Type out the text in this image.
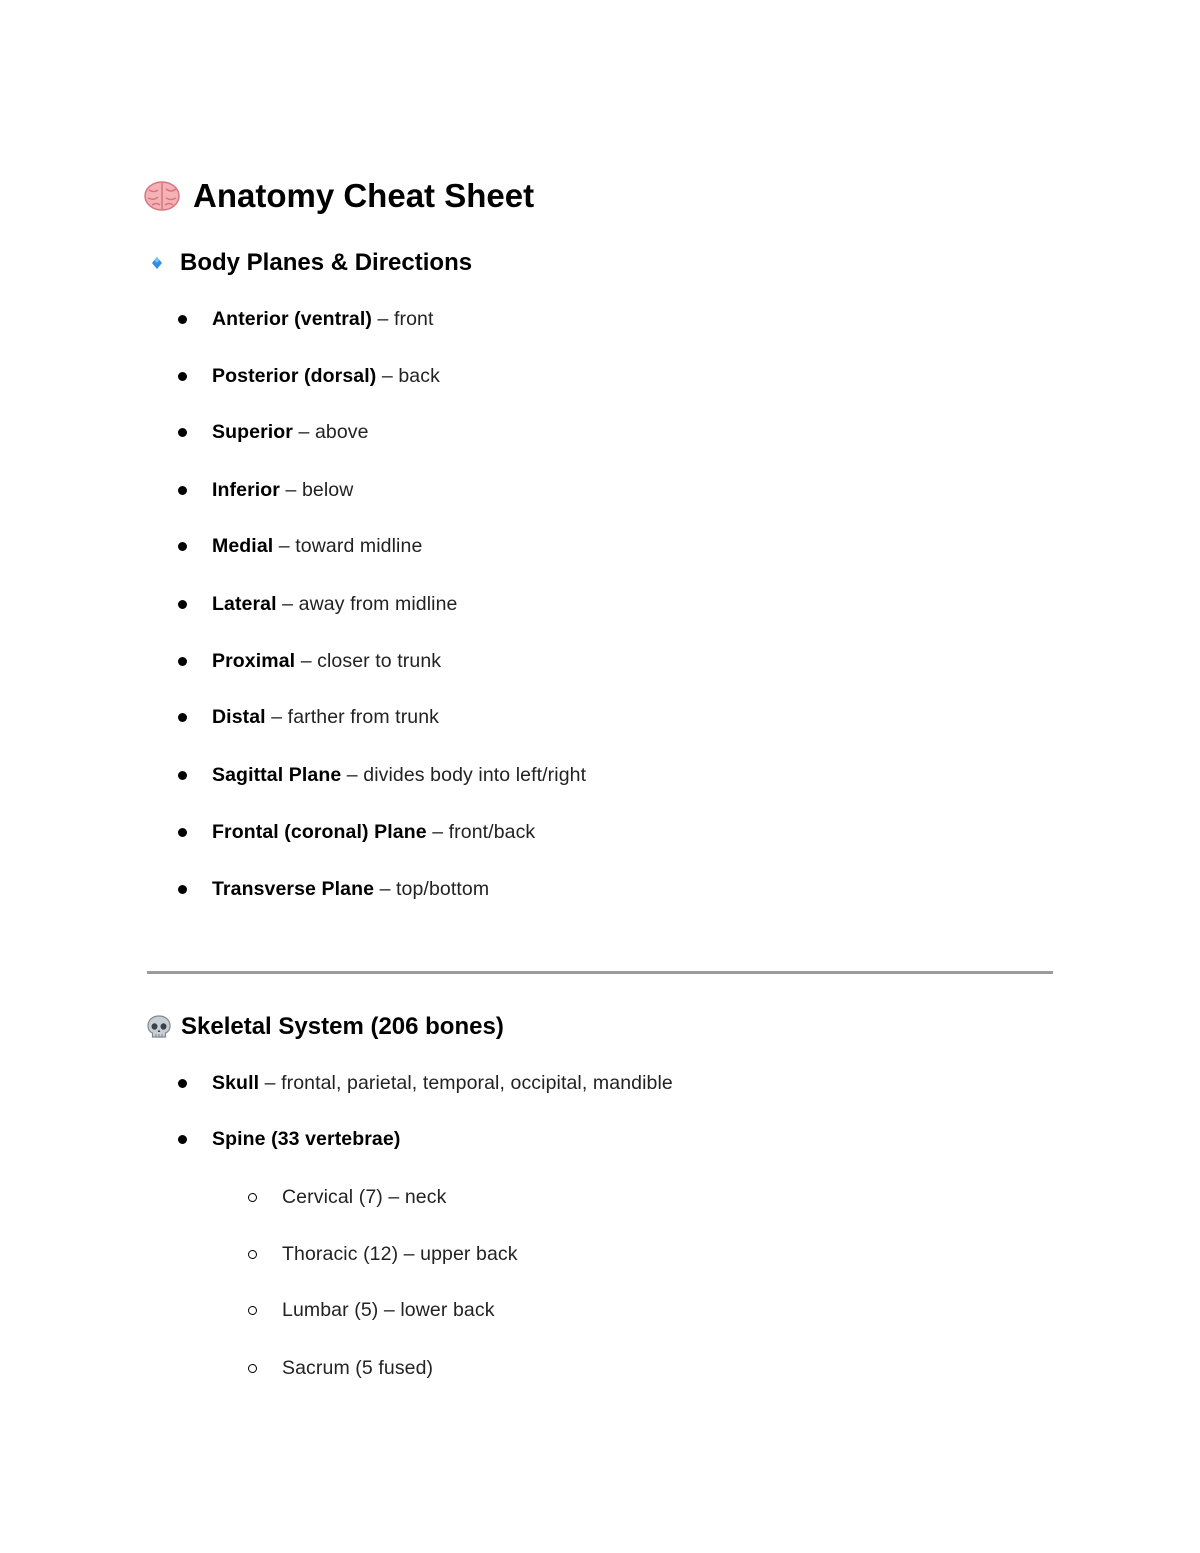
Anatomy Cheat Sheet
Body Planes & Directions
Anterior (ventral) – front
Posterior (dorsal) – back
Superior – above
Inferior – below
Medial – toward midline
Lateral – away from midline
Proximal – closer to trunk
Distal – farther from trunk
Sagittal Plane – divides body into left/right
Frontal (coronal) Plane – front/back
Transverse Plane – top/bottom
Skeletal System (206 bones)
Skull – frontal, parietal, temporal, occipital, mandible
Spine (33 vertebrae)
Cervical (7) – neck
Thoracic (12) – upper back
Lumbar (5) – lower back
Sacrum (5 fused)
